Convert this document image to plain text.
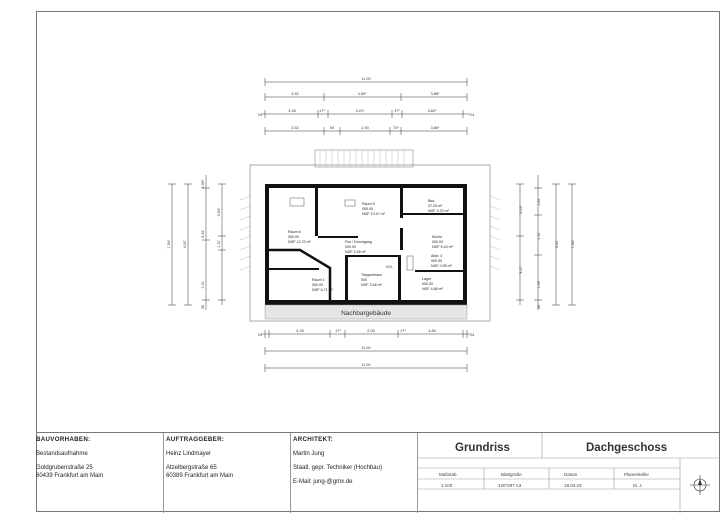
Nachbargebäude
NGL
Raum 6
000.00
NGF 12.70 m²
Raum 5
000.00
NGF 10.47 m²
Bad
27.29 m²
NGF 3.20 m²
Flur / Durchgang
000.00
NGF 3.45 m²
Küche
000.00
NGF 5.43 m²
Abst. 4
000.00
NGF 0.95 m²
Raum 1
000.00
NGF 6.71 m²
Treppenhaus
000
NGF 3.46 m²
Lager
000.00
NGF 4.88 m²
11.90
3.52	4.50*	3.86*
24
3.28	17*	4.21*	17*	3.62*
24
3.52	94	2.90	70*	3.86*
24
4.33	17*	2.00	17*	3.84
24
11.90
11.90
7.54*	6.87
2.00*
5.62
3.54*
1.37
1.41
30
7.54*
6.87
3.23
1.81
1.37
3.27
1.49
30
BAUVORHABEN:
Bestandsaufnahme
Goldgrubenstraße 25
60439 Frankfurt am Main
AUFTRAGGEBER:
Heinz Lindmayer
Atzelbergstraße 65
60389 Frankfurt am Main
ARCHITEKT:
Martin Jung
Staatl. gepr. Techniker (Hochbau)
E-Mail: jung-@gmx.de
Grundriss	Dachgeschoss
Maßstab	Blattgröße	Datum	Planersteller
1:100	420*297 A3	18.03.23	M. J.
